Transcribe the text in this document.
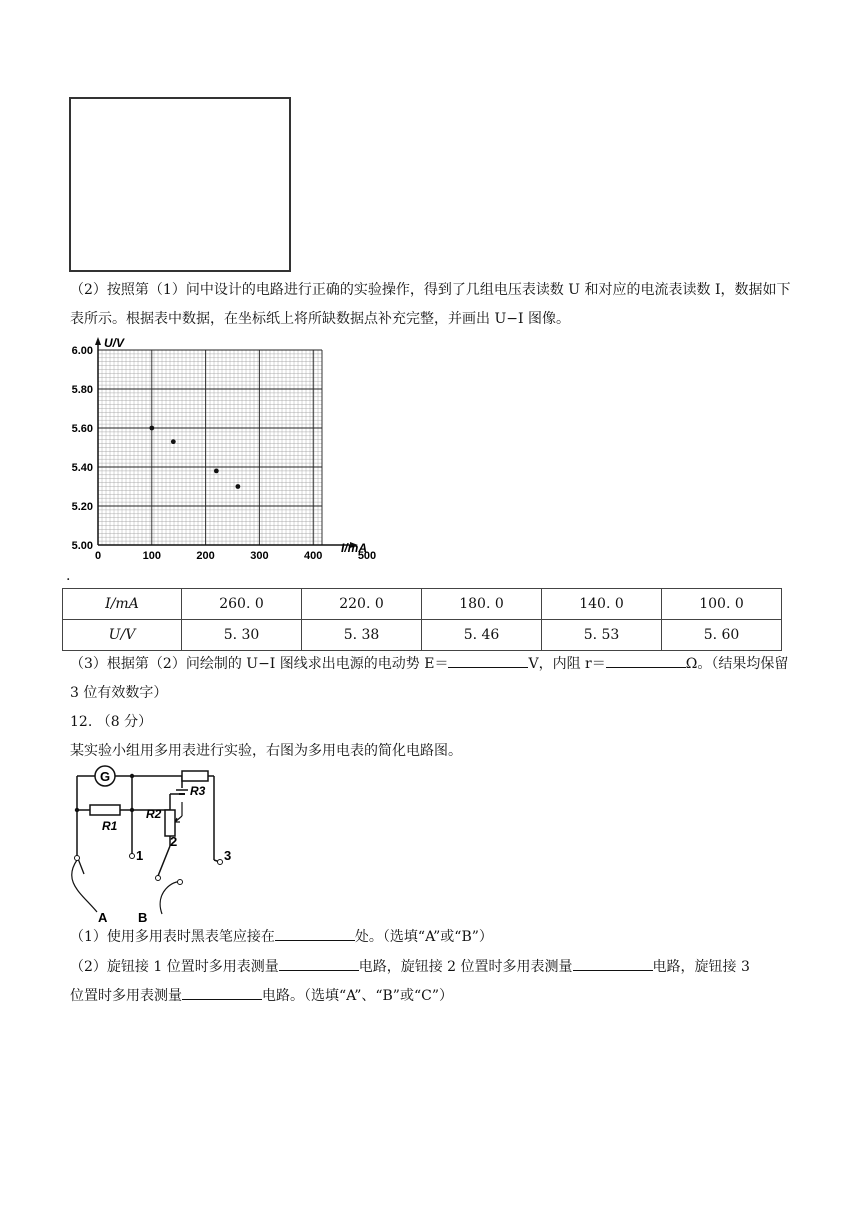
（2）按照第（1）问中设计的电路进行正确的实验操作，得到了几组电压表读数 U 和对应的电流表读数 I，数据如下表所示。根据表中数据，在坐标纸上将所缺数据点补充完整，并画出 U−I 图像。
U/V
I/mA
6.00
5.80
5.60
5.40
5.20
5.00
0	100	200	300	400	500
.
I/mA	260. 0	220. 0	180. 0	140. 0	100. 0
U/V	5. 30	5. 38	5. 46	5. 53	5. 60
（3）根据第（2）问绘制的 U−I 图线求出电源的电动势 E＝	V，内阻 r＝	Ω。（结果均保留 3 位有效数字）
12. （8 分）
某实验小组用多用表进行实验，右图为多用电表的简化电路图。
G
R1
R2
R3
1
2
3
A B
（1）使用多用表时黑表笔应接在	处。（选填“A”或“B”）
（2）旋钮接 1 位置时多用表测量	电路，旋钮接 2 位置时多用表测量	电路，旋钮接 3
位置时多用表测量	电路。（选填“A”、“B”或“C”）
